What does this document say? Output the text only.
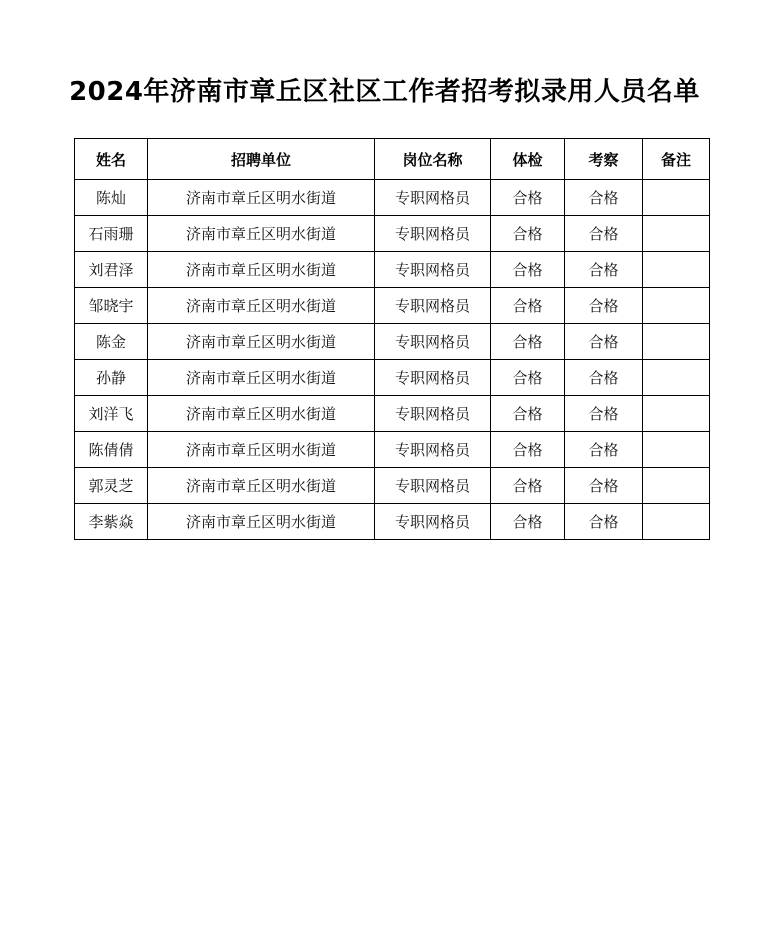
2024年济南市章丘区社区工作者招考拟录用人员名单
姓名	招聘单位	岗位名称	体检	考察	备注
陈灿	济南市章丘区明水街道	专职网格员	合格	合格	
石雨珊	济南市章丘区明水街道	专职网格员	合格	合格	
刘君泽	济南市章丘区明水街道	专职网格员	合格	合格	
邹晓宇	济南市章丘区明水街道	专职网格员	合格	合格	
陈金	济南市章丘区明水街道	专职网格员	合格	合格	
孙静	济南市章丘区明水街道	专职网格员	合格	合格	
刘洋飞	济南市章丘区明水街道	专职网格员	合格	合格	
陈倩倩	济南市章丘区明水街道	专职网格员	合格	合格	
郭灵芝	济南市章丘区明水街道	专职网格员	合格	合格	
李紫焱	济南市章丘区明水街道	专职网格员	合格	合格	
